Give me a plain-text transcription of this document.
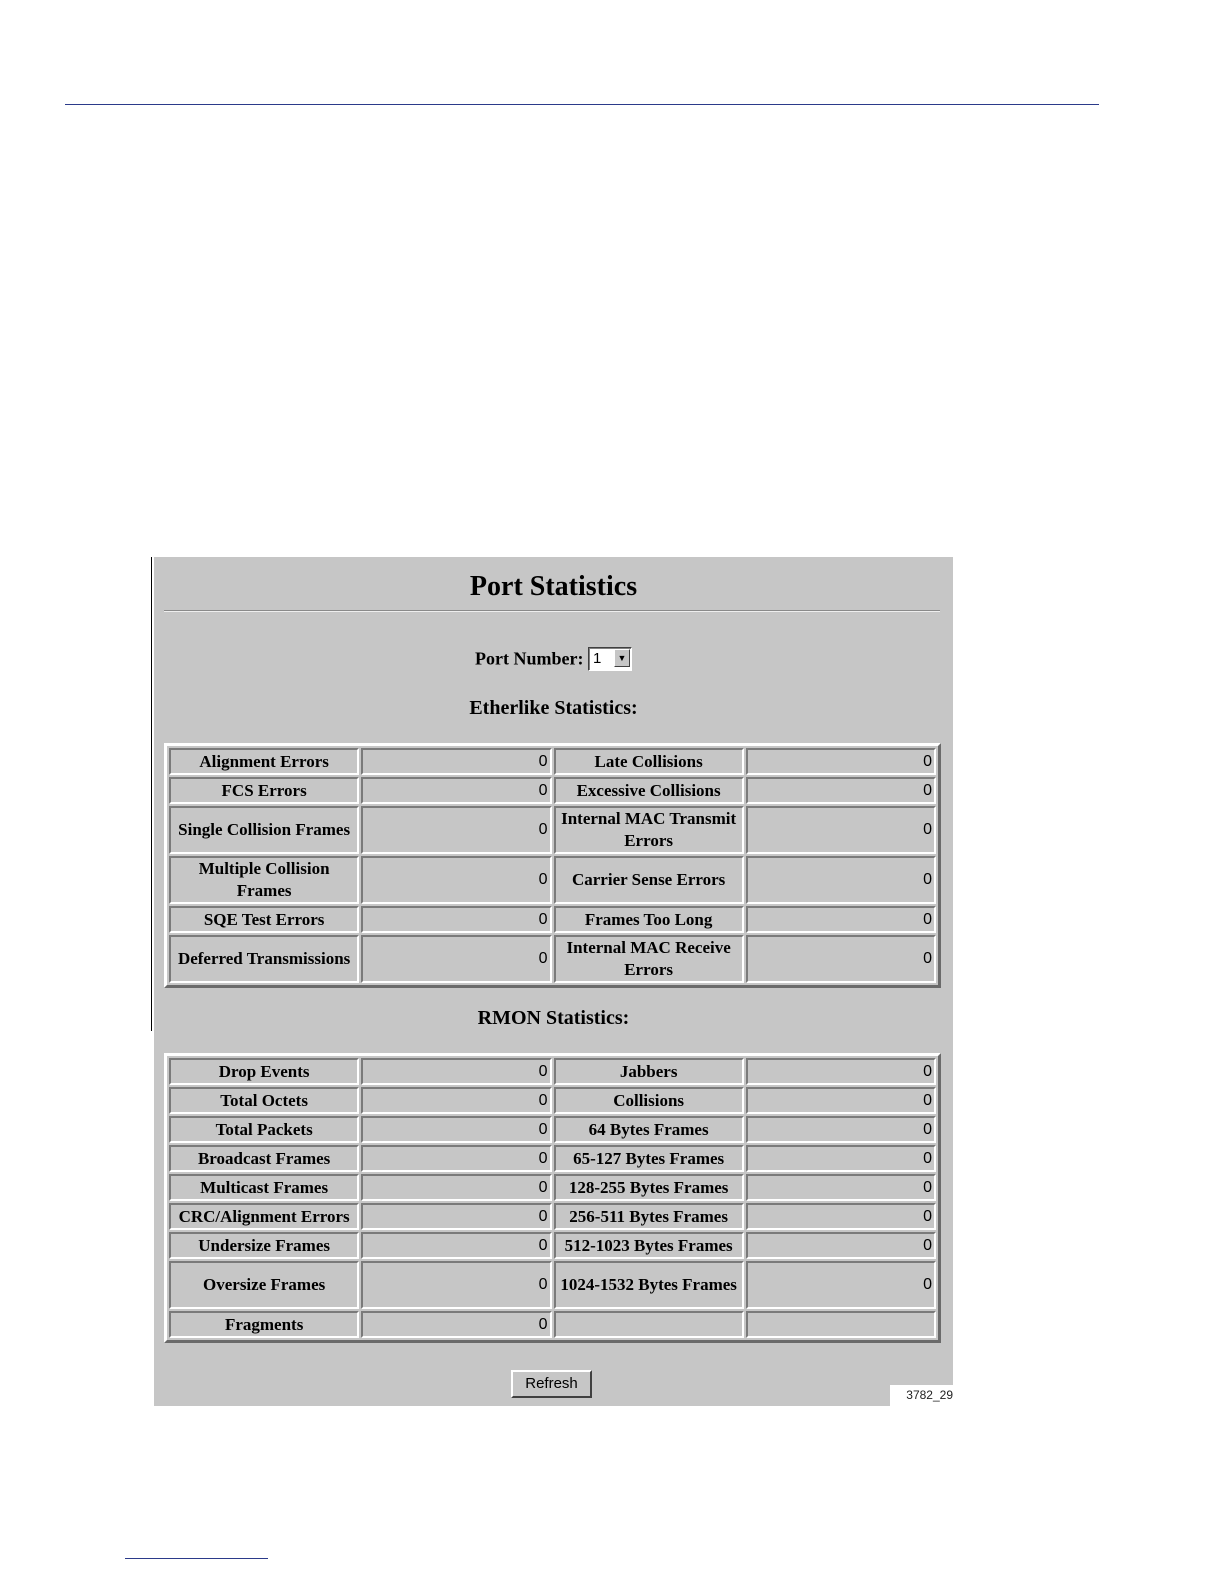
Port Statistics
Port Number: 1	▼
Etherlike Statistics:
Alignment Errors	0	Late Collisions	0
FCS Errors	0	Excessive Collisions	0
Single Collision Frames	0	Internal MAC Transmit Errors	0
Multiple Collision Frames	0	Carrier Sense Errors	0
SQE Test Errors	0	Frames Too Long	0
Deferred Transmissions	0	Internal MAC Receive Errors	0
RMON Statistics:
Drop Events	0	Jabbers	0
Total Octets	0	Collisions	0
Total Packets	0	64 Bytes Frames	0
Broadcast Frames	0	65-127 Bytes Frames	0
Multicast Frames	0	128-255 Bytes Frames	0
CRC/Alignment Errors	0	256-511 Bytes Frames	0
Undersize Frames	0	512-1023 Bytes Frames	0
Oversize Frames	0	1024-1532 Bytes Frames	0
Fragments	0		
Refresh
3782_29
